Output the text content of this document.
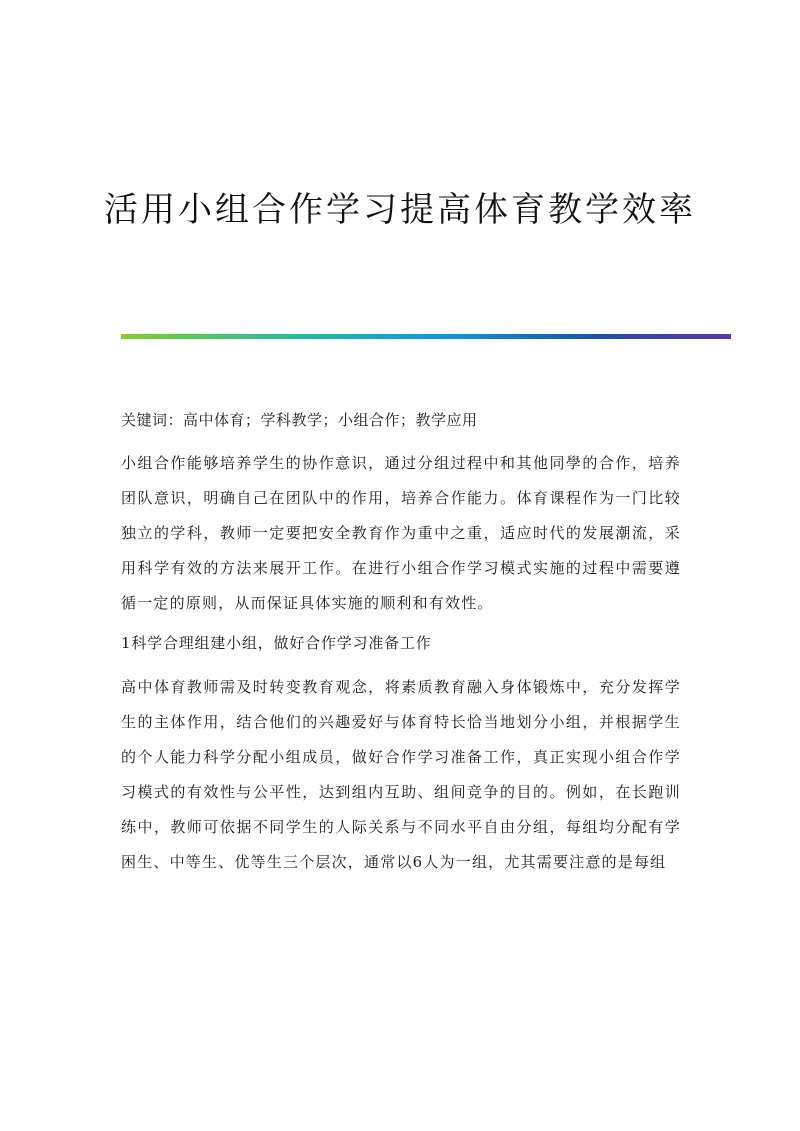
活用小组合作学习提高体育教学效率

关键词：高中体育；学科教学；小组合作；教学应用

小组合作能够培养学生的协作意识，通过分组过程中和其他同學的合作，培养团队意识，明确自己在团队中的作用，培养合作能力。体育课程作为一门比较独立的学科，教师一定要把安全教育作为重中之重，适应时代的发展潮流，采用科学有效的方法来展开工作。在进行小组合作学习模式实施的过程中需要遵循一定的原则，从而保证具体实施的顺利和有效性。

1科学合理组建小组，做好合作学习准备工作

高中体育教师需及时转变教育观念，将素质教育融入身体锻炼中，充分发挥学生的主体作用，结合他们的兴趣爱好与体育特长恰当地划分小组，并根据学生的个人能力科学分配小组成员，做好合作学习准备工作，真正实现小组合作学习模式的有效性与公平性，达到组内互助、组间竞争的目的。例如，在长跑训练中，教师可依据不同学生的人际关系与不同水平自由分组，每组均分配有学困生、中等生、优等生三个层次，通常以6人为一组，尤其需要注意的是每组
